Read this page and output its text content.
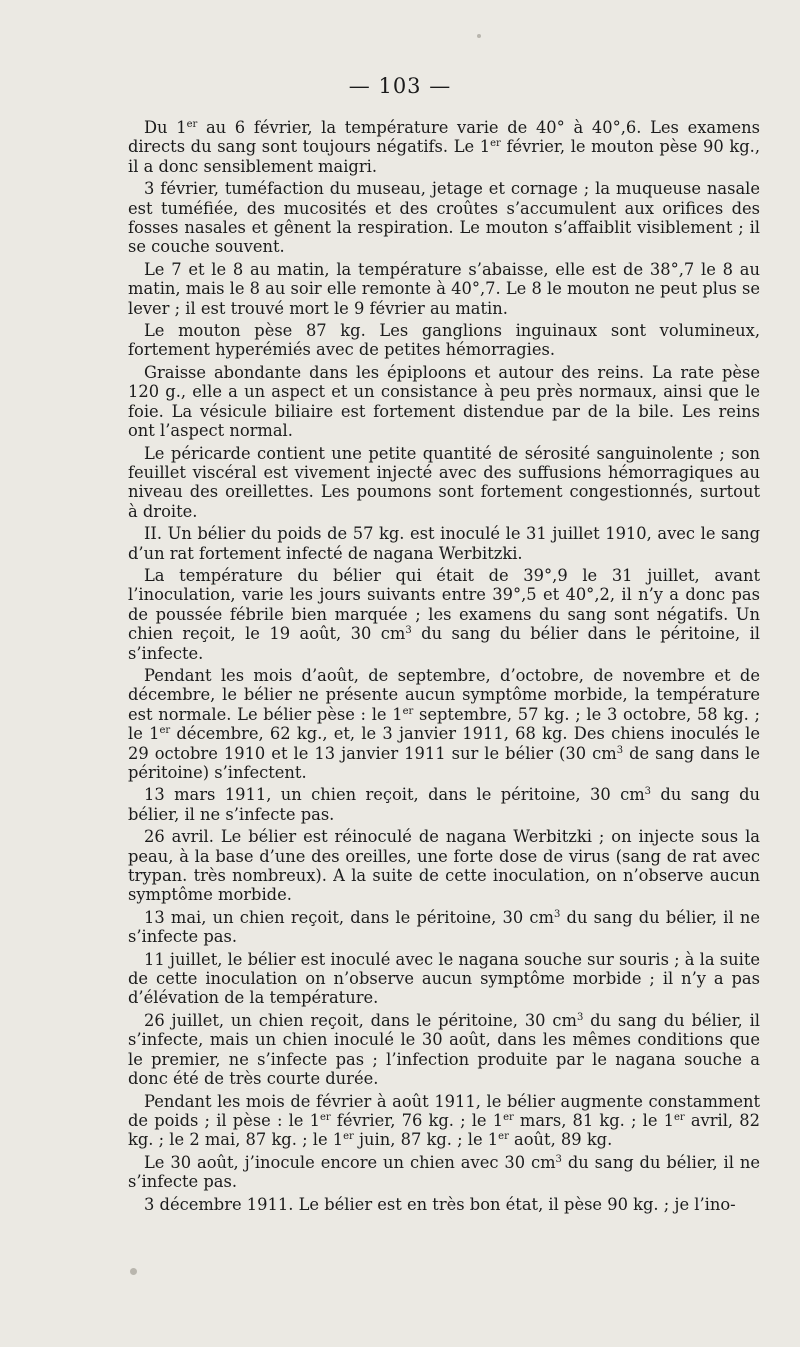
— 103 —

Du 1er au 6 février, la température varie de 40° à 40°,6. Les examens directs du sang sont toujours négatifs. Le 1er février, le mouton pèse 90 kg., il a donc sensiblement maigri.

3 février, tuméfaction du museau, jetage et cornage ; la muqueuse nasale est tuméfiée, des mucosités et des croûtes s’accumulent aux orifices des fosses nasales et gênent la respiration. Le mouton s’affaiblit visiblement ; il se couche souvent.

Le 7 et le 8 au matin, la température s’abaisse, elle est de 38°,7 le 8 au matin, mais le 8 au soir elle remonte à 40°,7. Le 8 le mouton ne peut plus se lever ; il est trouvé mort le 9 février au matin.

Le mouton pèse 87 kg. Les ganglions inguinaux sont volumineux, fortement hyperémiés avec de petites hémorragies.

Graisse abondante dans les épiploons et autour des reins. La rate pèse 120 g., elle a un aspect et un consistance à peu près normaux, ainsi que le foie. La vésicule biliaire est fortement distendue par de la bile. Les reins ont l’aspect normal.

Le péricarde contient une petite quantité de sérosité sanguinolente ; son feuillet viscéral est vivement injecté avec des suffusions hémorragiques au niveau des oreillettes. Les poumons sont fortement congestionnés, surtout à droite.

II. Un bélier du poids de 57 kg. est inoculé le 31 juillet 1910, avec le sang d’un rat fortement infecté de nagana Werbitzki.

La température du bélier qui était de 39°,9 le 31 juillet, avant l’inoculation, varie les jours suivants entre 39°,5 et 40°,2, il n’y a donc pas de poussée fébrile bien marquée ; les examens du sang sont négatifs. Un chien reçoit, le 19 août, 30 $cm^3$ du sang du bélier dans le péritoine, il s’infecte.

Pendant les mois d’août, de septembre, d’octobre, de novembre et de décembre, le bélier ne présente aucun symptôme morbide, la température est normale. Le bélier pèse : le 1er septembre, 57 kg. ; le 3 octobre, 58 kg. ; le 1er décembre, 62 kg., et, le 3 janvier 1911, 68 kg. Des chiens inoculés le 29 octobre 1910 et le 13 janvier 1911 sur le bélier (30 $cm^3$ de sang dans le péritoine) s’infectent.

13 mars 1911, un chien reçoit, dans le péritoine, 30 $cm^3$ du sang du bélier, il ne s’infecte pas.

26 avril. Le bélier est réinoculé de nagana Werbitzki ; on injecte sous la peau, à la base d’une des oreilles, une forte dose de virus (sang de rat avec trypan. très nombreux). A la suite de cette inoculation, on n’observe aucun symptôme morbide.

13 mai, un chien reçoit, dans le péritoine, 30 $cm^3$ du sang du bélier, il ne s’infecte pas.

11 juillet, le bélier est inoculé avec le nagana souche sur souris ; à la suite de cette inoculation on n’observe aucun symptôme morbide ; il n’y a pas d’élévation de la température.

26 juillet, un chien reçoit, dans le péritoine, 30 $cm^3$ du sang du bélier, il s’infecte, mais un chien inoculé le 30 août, dans les mêmes conditions que le premier, ne s’infecte pas ; l’infection produite par le nagana souche a donc été de très courte durée.

Pendant les mois de février à août 1911, le bélier augmente constamment de poids ; il pèse : le 1er février, 76 kg. ; le 1er mars, 81 kg. ; le 1er avril, 82 kg. ; le 2 mai, 87 kg. ; le 1er juin, 87 kg. ; le 1er août, 89 kg.

Le 30 août, j’inocule encore un chien avec 30 $cm^3$ du sang du bélier, il ne s’infecte pas.

3 décembre 1911. Le bélier est en très bon état, il pèse 90 kg. ; je l’ino-
